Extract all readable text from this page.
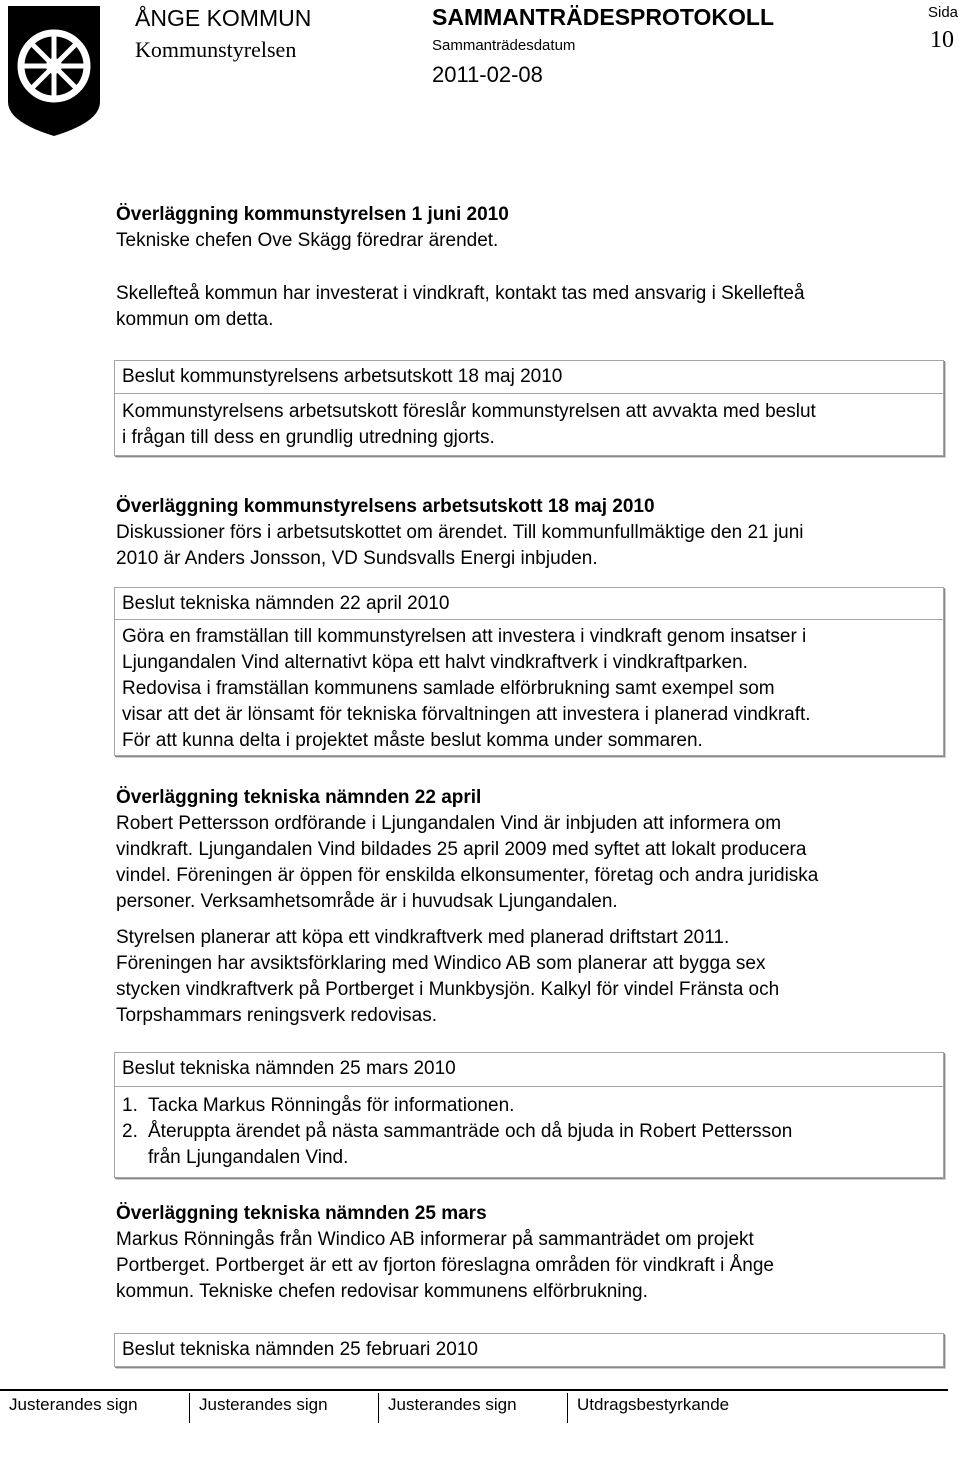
ÅNGE KOMMUN
Kommunstyrelsen
SAMMANTRÄDESPROTOKOLL
Sammanträdesdatum
2011-02-08
Sida
10
Överläggning kommunstyrelsen 1 juni 2010
Tekniske chefen Ove Skägg föredrar ärendet.
Skellefteå kommun har investerat i vindkraft, kontakt tas med ansvarig i Skellefteå
kommun om detta.
Beslut kommunstyrelsens arbetsutskott 18 maj 2010
Kommunstyrelsens arbetsutskott föreslår kommunstyrelsen att avvakta med beslut
i frågan till dess en grundlig utredning gjorts.
Överläggning kommunstyrelsens arbetsutskott 18 maj 2010
Diskussioner förs i arbetsutskottet om ärendet. Till kommunfullmäktige den 21 juni
2010 är Anders Jonsson, VD Sundsvalls Energi inbjuden.
Beslut tekniska nämnden 22 april 2010
Göra en framställan till kommunstyrelsen att investera i vindkraft genom insatser i
Ljungandalen Vind alternativt köpa ett halvt vindkraftverk i vindkraftparken.
Redovisa i framställan kommunens samlade elförbrukning samt exempel som
visar att det är lönsamt för tekniska förvaltningen att investera i planerad vindkraft.
För att kunna delta i projektet måste beslut komma under sommaren.
Överläggning tekniska nämnden 22 april
Robert Pettersson ordförande i Ljungandalen Vind är inbjuden att informera om
vindkraft. Ljungandalen Vind bildades 25 april 2009 med syftet att lokalt producera
vindel. Föreningen är öppen för enskilda elkonsumenter, företag och andra juridiska
personer. Verksamhetsområde är i huvudsak Ljungandalen.
Styrelsen planerar att köpa ett vindkraftverk med planerad driftstart 2011.
Föreningen har avsiktsförklaring med Windico AB som planerar att bygga sex
stycken vindkraftverk på Portberget i Munkbysjön. Kalkyl för vindel Fränsta och
Torpshammars reningsverk redovisas.
Beslut tekniska nämnden 25 mars 2010
1. Tacka Markus Rönningås för informationen.
2. Återuppta ärendet på nästa sammanträde och då bjuda in Robert Pettersson
från Ljungandalen Vind.
Överläggning tekniska nämnden 25 mars
Markus Rönningås från Windico AB informerar på sammanträdet om projekt
Portberget. Portberget är ett av fjorton föreslagna områden för vindkraft i Ånge
kommun. Tekniske chefen redovisar kommunens elförbrukning.
Beslut tekniska nämnden 25 februari 2010
Justerandes sign	Justerandes sign	Justerandes sign	Utdragsbestyrkande
